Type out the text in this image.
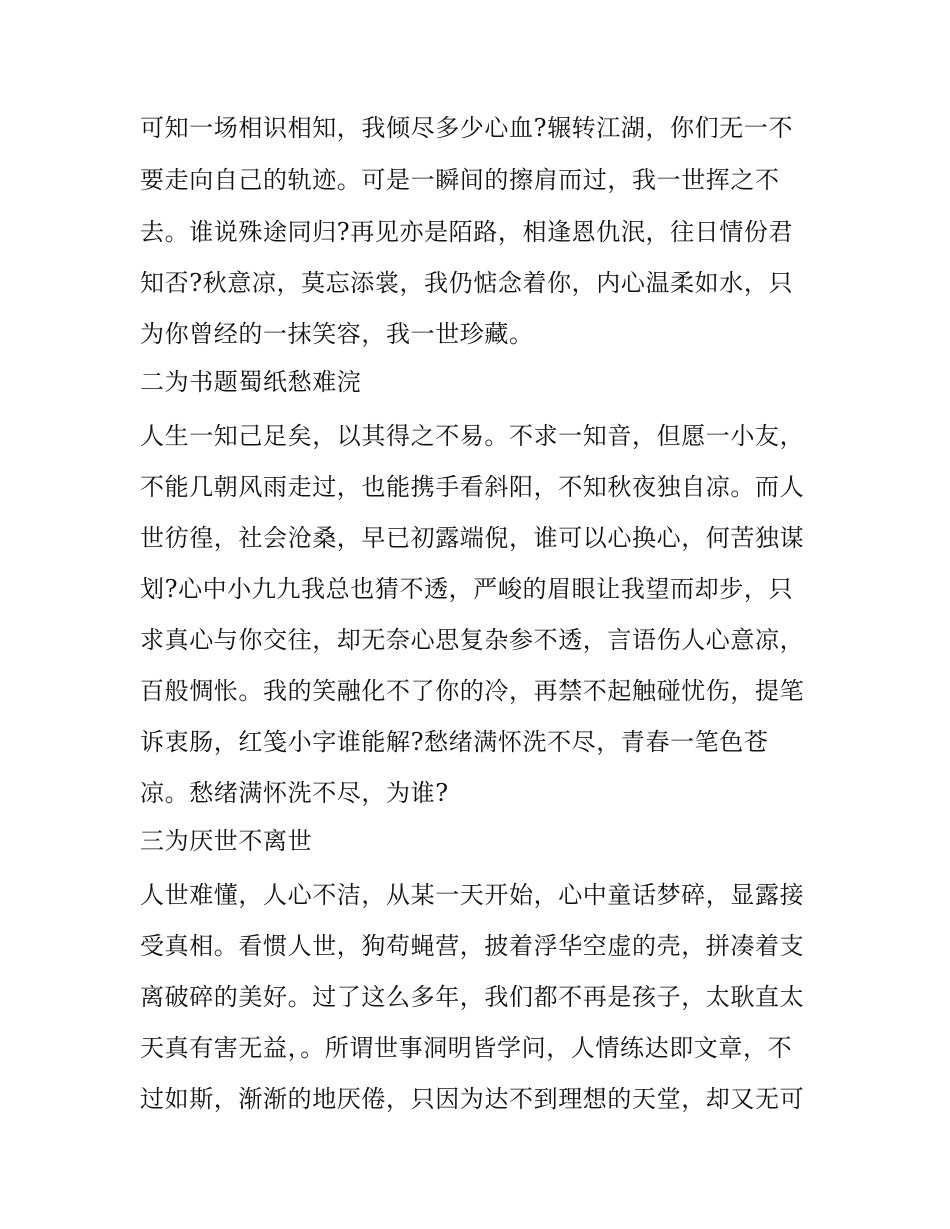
可知一场相识相知，我倾尽多少心血?辗转江湖，你们无一不
要走向自己的轨迹。可是一瞬间的擦肩而过，我一世挥之不
去。谁说殊途同归?再见亦是陌路，相逢恩仇泯，往日情份君
知否?秋意凉，莫忘添裳，我仍惦念着你，内心温柔如水，只
为你曾经的一抹笑容，我一世珍藏。
二为书题蜀纸愁难浣
人生一知己足矣，以其得之不易。不求一知音，但愿一小友，
不能几朝风雨走过，也能携手看斜阳，不知秋夜独自凉。而人
世彷徨，社会沧桑，早已初露端倪，谁可以心换心，何苦独谋
划?心中小九九我总也猜不透，严峻的眉眼让我望而却步，只
求真心与你交往，却无奈心思复杂参不透，言语伤人心意凉，
百般惆怅。我的笑融化不了你的冷，再禁不起触碰忧伤，提笔
诉衷肠，红笺小字谁能解?愁绪满怀洗不尽，青春一笔色苍
凉。愁绪满怀洗不尽，为谁?
三为厌世不离世
人世难懂，人心不洁，从某一天开始，心中童话梦碎，显露接
受真相。看惯人世，狗苟蝇营，披着浮华空虚的壳，拼凑着支
离破碎的美好。过了这么多年，我们都不再是孩子，太耿直太
天真有害无益，。所谓世事洞明皆学问，人情练达即文章，不
过如斯，渐渐的地厌倦，只因为达不到理想的天堂，却又无可
